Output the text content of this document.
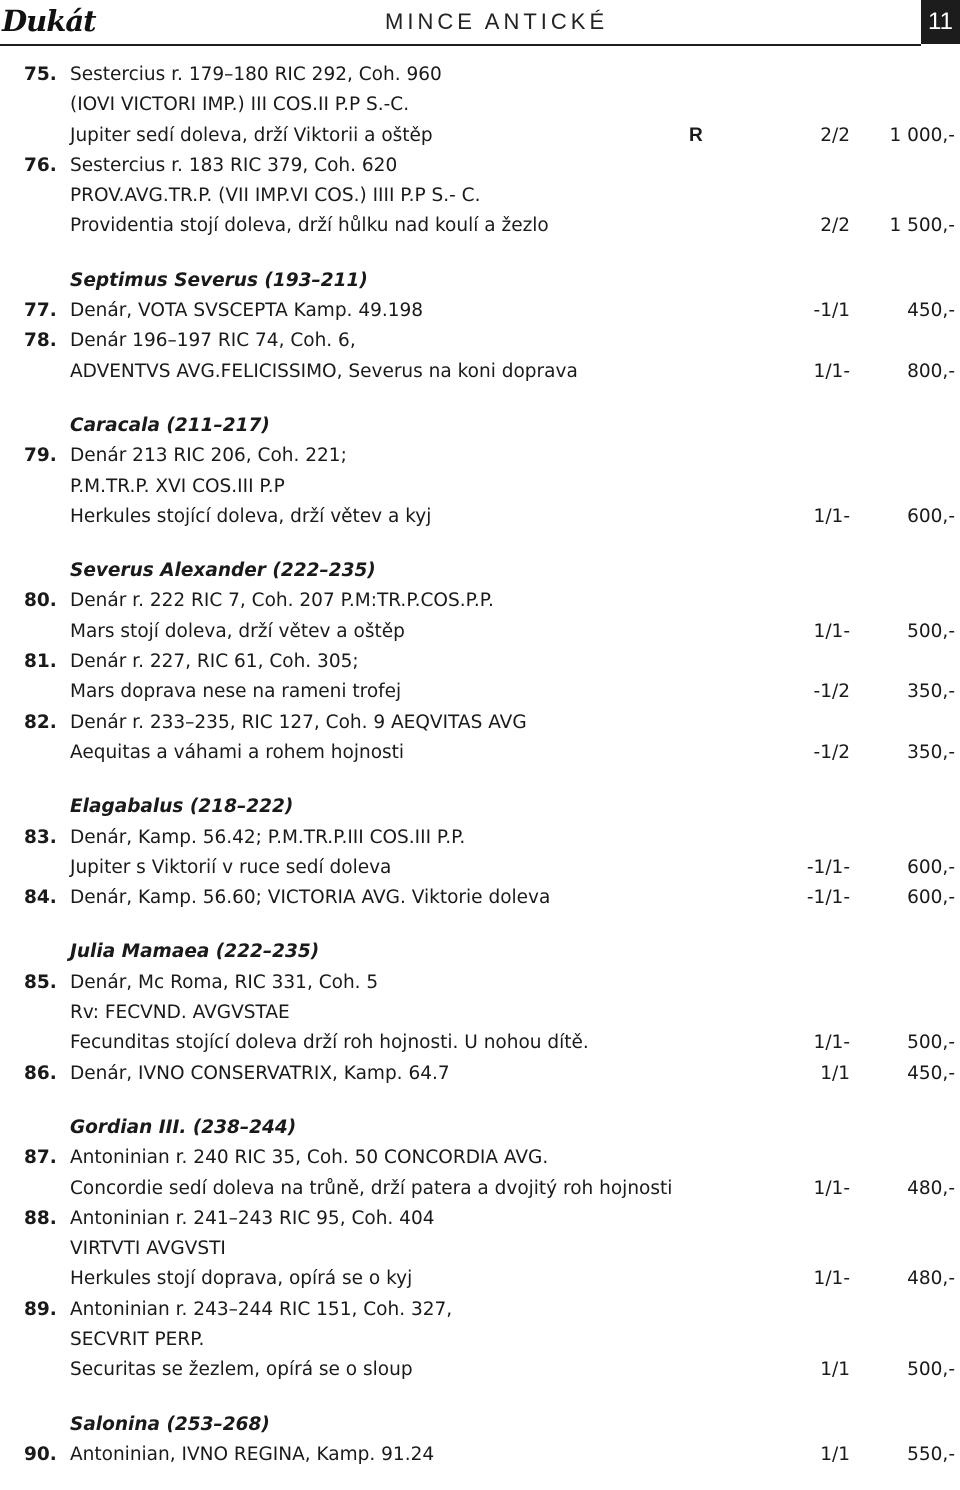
Dukát	MINCE ANTICKÉ	11
75. Sestercius r. 179–180 RIC 292, Coh. 960
(IOVI VICTORI IMP.) III COS.II P.P S.-C.
Jupiter sedí doleva, drží Viktorii a oštěp	R	2/2 1 000,-
76. Sestercius r. 183 RIC 379, Coh. 620
PROV.AVG.TR.P. (VII IMP.VI COS.) IIII P.P S.- C.
Providentia stojí doleva, drží hůlku nad koulí a žezlo	2/2 1 500,-
Septimus Severus (193–211)
77. Denár, VOTA SVSCEPTA Kamp. 49.198	-1/1	450,-
78. Denár 196–197 RIC 74, Coh. 6,
ADVENTVS AVG.FELICISSIMO, Severus na koni doprava	1/1-	800,-
Caracala (211–217)
79. Denár 213 RIC 206, Coh. 221;
P.M.TR.P. XVI COS.III P.P
Herkules stojící doleva, drží větev a kyj	1/1-	600,-
Severus Alexander (222–235)
80. Denár r. 222 RIC 7, Coh. 207 P.M:TR.P.COS.P.P.
Mars stojí doleva, drží větev a oštěp	1/1-	500,-
81. Denár r. 227, RIC 61, Coh. 305;
Mars doprava nese na rameni trofej	-1/2	350,-
82. Denár r. 233–235, RIC 127, Coh. 9 AEQVITAS AVG
Aequitas a váhami a rohem hojnosti	-1/2	350,-
Elagabalus (218–222)
83. Denár, Kamp. 56.42; P.M.TR.P.III COS.III P.P.
Jupiter s Viktorií v ruce sedí doleva	-1/1-	600,-
84. Denár, Kamp. 56.60; VICTORIA AVG. Viktorie doleva	-1/1-	600,-
Julia Mamaea (222–235)
85. Denár, Mc Roma, RIC 331, Coh. 5
Rv: FECVND. AVGVSTAE
Fecunditas stojící doleva drží roh hojnosti. U nohou dítě.	1/1-	500,-
86. Denár, IVNO CONSERVATRIX, Kamp. 64.7	1/1	450,-
Gordian III. (238–244)
87. Antoninian r. 240 RIC 35, Coh. 50 CONCORDIA AVG.
Concordie sedí doleva na trůně, drží patera a dvojitý roh hojnosti	1/1-	480,-
88. Antoninian r. 241–243 RIC 95, Coh. 404
VIRTVTI AVGVSTI
Herkules stojí doprava, opírá se o kyj	1/1-	480,-
89. Antoninian r. 243–244 RIC 151, Coh. 327,
SECVRIT PERP.
Securitas se žezlem, opírá se o sloup	1/1	500,-
Salonina (253–268)
90. Antoninian, IVNO REGINA, Kamp. 91.24	1/1	550,-
